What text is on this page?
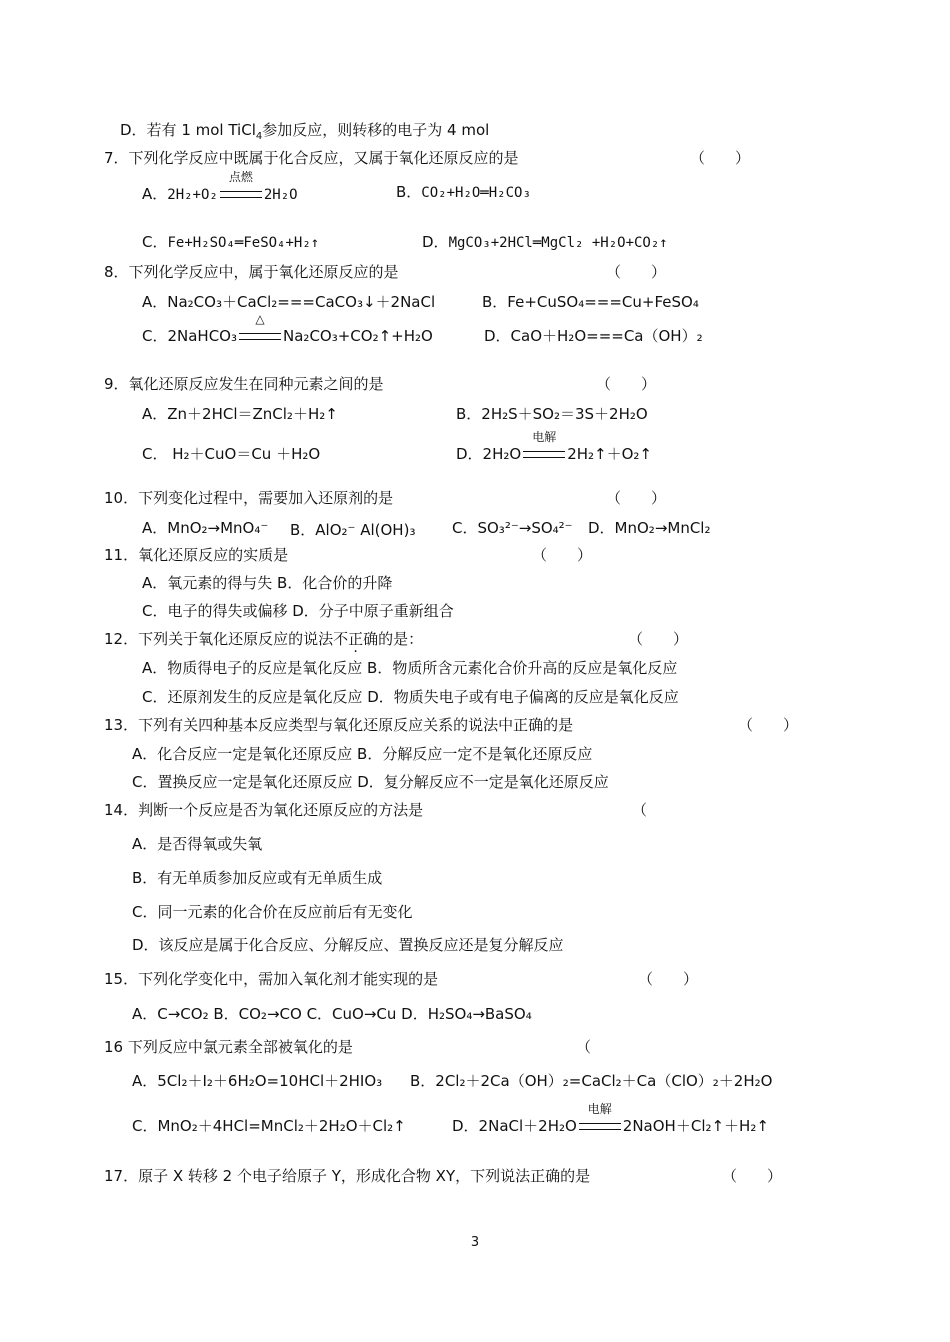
D．若有 1 mol TiCl$_4$参加反应，则转移的电子为 4 mol
7．下列化学反应中既属于化合反应，又属于氧化还原反应的是	（　　）
A．2H₂+O₂
点燃
2H₂O	B．CO₂+H₂O═H₂CO₃
C．Fe+H₂SO₄═FeSO₄+H₂↑	D．MgCO₃+2HCl═MgCl₂ +H₂O+CO₂↑
8．下列化学反应中，属于氧化还原反应的是	（　　）
A．Na₂CO₃＋CaCl₂===CaCO₃↓＋2NaCl	B．Fe+CuSO₄===Cu+FeSO₄
C．2NaHCO₃
△
Na₂CO₃+CO₂↑+H₂O	D．CaO＋H₂O===Ca（OH）₂
9．氧化还原反应发生在同种元素之间的是	（　　）
A．Zn＋2HCl＝ZnCl₂＋H₂↑	B．2H₂S＋SO₂＝3S＋2H₂O
C． H₂＋CuO＝Cu ＋H₂O	D．2H₂O
电解
2H₂↑＋O₂↑
10．下列变化过程中，需要加入还原剂的是	（　　）
A．MnO₂→MnO₄⁻ B．AlO₂⁻ Al(OH)₃ C．SO₃²⁻→SO₄²⁻ D．MnO₂→MnCl₂
11．氧化还原反应的实质是	（　　）
A．氧元素的得与失 B．化合价的升降
C．电子的得失或偏移 D．分子中原子重新组合
12．下列关于氧化还原反应的说法不正确的是：	（　　）
A．物质得电子的反应是氧化反应 B．物质所含元素化合价升高的反应是氧化反应
C．还原剂发生的反应是氧化反应 D．物质失电子或有电子偏离的反应是氧化反应
13．下列有关四种基本反应类型与氧化还原反应关系的说法中正确的是	（　　）
A．化合反应一定是氧化还原反应 B．分解反应一定不是氧化还原反应
C．置换反应一定是氧化还原反应 D．复分解反应不一定是氧化还原反应
14．判断一个反应是否为氧化还原反应的方法是	（
A．是否得氧或失氧
B．有无单质参加反应或有无单质生成
C．同一元素的化合价在反应前后有无变化
D．该反应是属于化合反应、分解反应、置换反应还是复分解反应
15．下列化学变化中，需加入氧化剂才能实现的是	（　　）
A．C→CO₂ B．CO₂→CO C．CuO→Cu D．H₂SO₄→BaSO₄
16 下列反应中氯元素全部被氧化的是	（
A．5Cl₂＋I₂＋6H₂O=10HCl＋2HIO₃ B．2Cl₂＋2Ca（OH）₂=CaCl₂＋Ca（ClO）₂＋2H₂O
C．MnO₂＋4HCl=MnCl₂＋2H₂O＋Cl₂↑	D．2NaCl＋2H₂O
电解
2NaOH＋Cl₂↑＋H₂↑
17．原子 X 转移 2 个电子给原子 Y，形成化合物 XY，下列说法正确的是	（　　）
3
